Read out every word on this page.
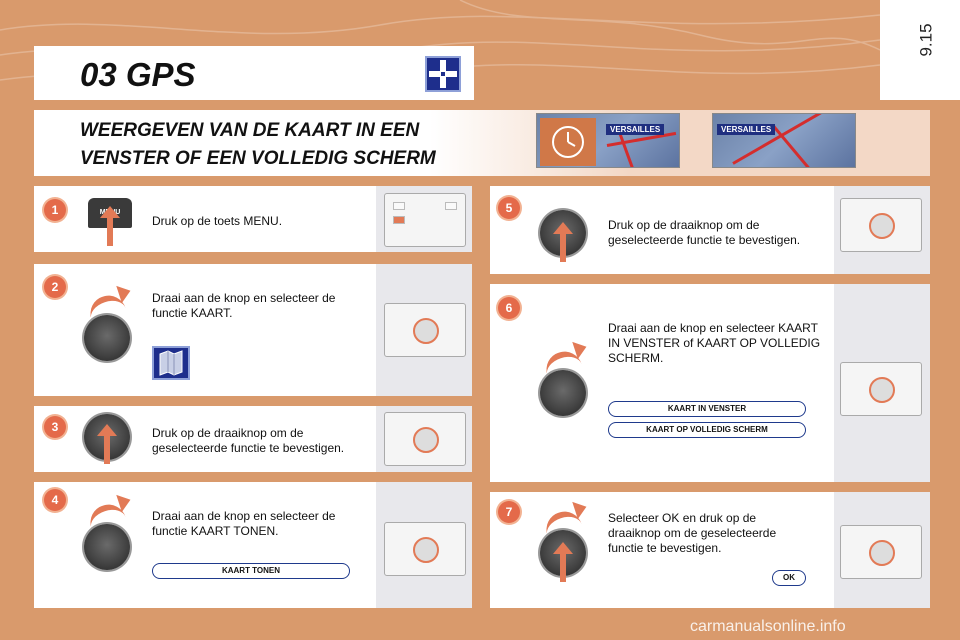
9.15
03 GPS
WEERGEVEN VAN DE KAART IN EEN
VENSTER OF EEN VOLLEDIG SCHERM
VERSAILLES	VERSAILLES
1
Druk op de toets MENU.
2
Draai aan de knop en selecteer de functie KAART.
3	Druk op de draaiknop om de geselecteerde functie te bevestigen.
4
Draai aan de knop en selecteer de functie KAART TONEN.
KAART TONEN
5
Druk op de draaiknop om de geselecteerde functie te bevestigen.
6
Draai aan de knop en selecteer KAART IN VENSTER of KAART OP VOLLEDIG SCHERM.
KAART IN VENSTER
KAART OP VOLLEDIG SCHERM
7	Selecteer OK en druk op de draaiknop om de geselecteerde functie te bevestigen.
OK
carmanualsonline.info
